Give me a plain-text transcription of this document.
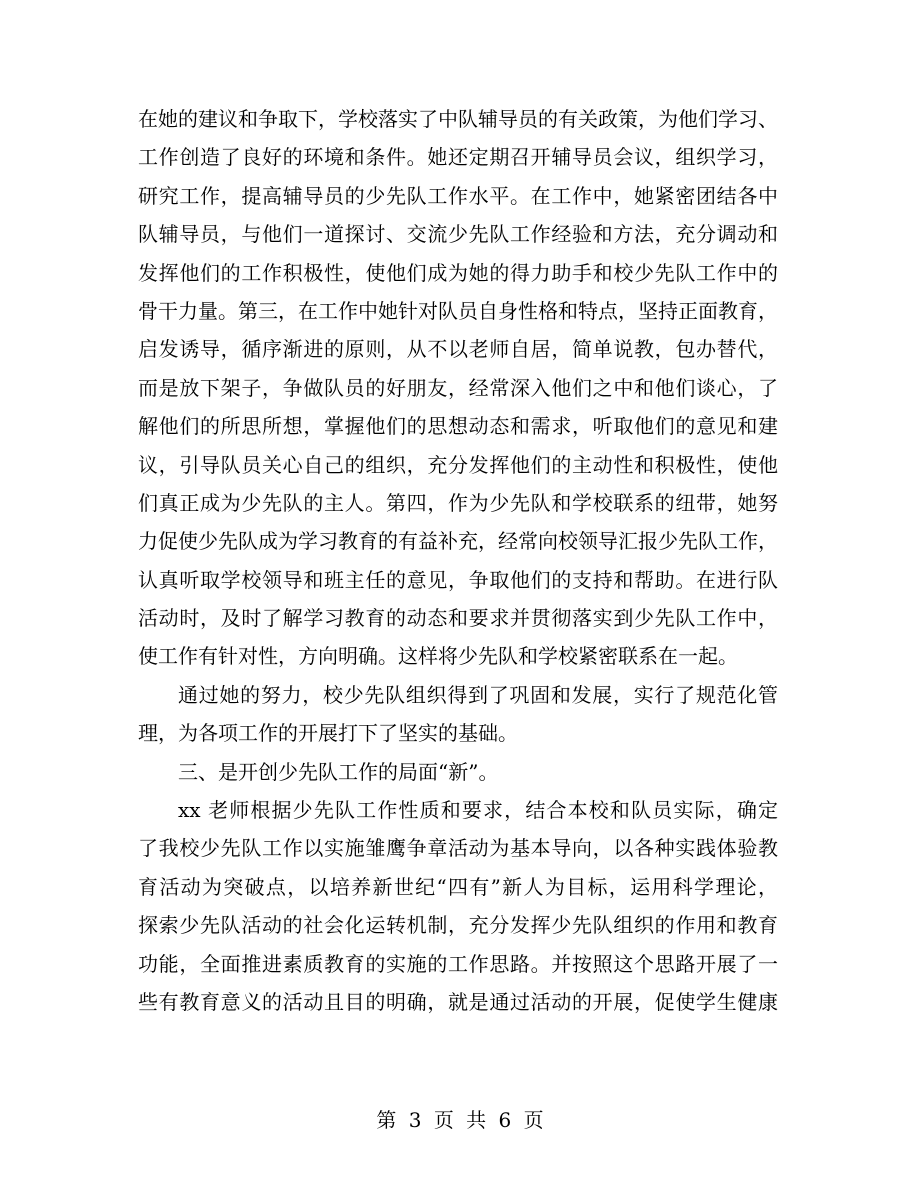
在她的建议和争取下，学校落实了中队辅导员的有关政策，为他们学习、
工作创造了良好的环境和条件。她还定期召开辅导员会议，组织学习，
研究工作，提高辅导员的少先队工作水平。在工作中，她紧密团结各中
队辅导员，与他们一道探讨、交流少先队工作经验和方法，充分调动和
发挥他们的工作积极性，使他们成为她的得力助手和校少先队工作中的
骨干力量。第三，在工作中她针对队员自身性格和特点，坚持正面教育，
启发诱导，循序渐进的原则，从不以老师自居，简单说教，包办替代，
而是放下架子，争做队员的好朋友，经常深入他们之中和他们谈心，了
解他们的所思所想，掌握他们的思想动态和需求，听取他们的意见和建
议，引导队员关心自己的组织，充分发挥他们的主动性和积极性，使他
们真正成为少先队的主人。第四，作为少先队和学校联系的纽带，她努
力促使少先队成为学习教育的有益补充，经常向校领导汇报少先队工作，
认真听取学校领导和班主任的意见，争取他们的支持和帮助。在进行队
活动时，及时了解学习教育的动态和要求并贯彻落实到少先队工作中，
使工作有针对性，方向明确。这样将少先队和学校紧密联系在一起。
通过她的努力，校少先队组织得到了巩固和发展，实行了规范化管
理，为各项工作的开展打下了坚实的基础。
三、是开创少先队工作的局面“新”。
xx 老师根据少先队工作性质和要求，结合本校和队员实际，确定
了我校少先队工作以实施雏鹰争章活动为基本导向，以各种实践体验教
育活动为突破点，以培养新世纪“四有”新人为目标，运用科学理论，
探索少先队活动的社会化运转机制，充分发挥少先队组织的作用和教育
功能，全面推进素质教育的实施的工作思路。并按照这个思路开展了一
些有教育意义的活动且目的明确，就是通过活动的开展，促使学生健康
第 3 页 共 6 页
